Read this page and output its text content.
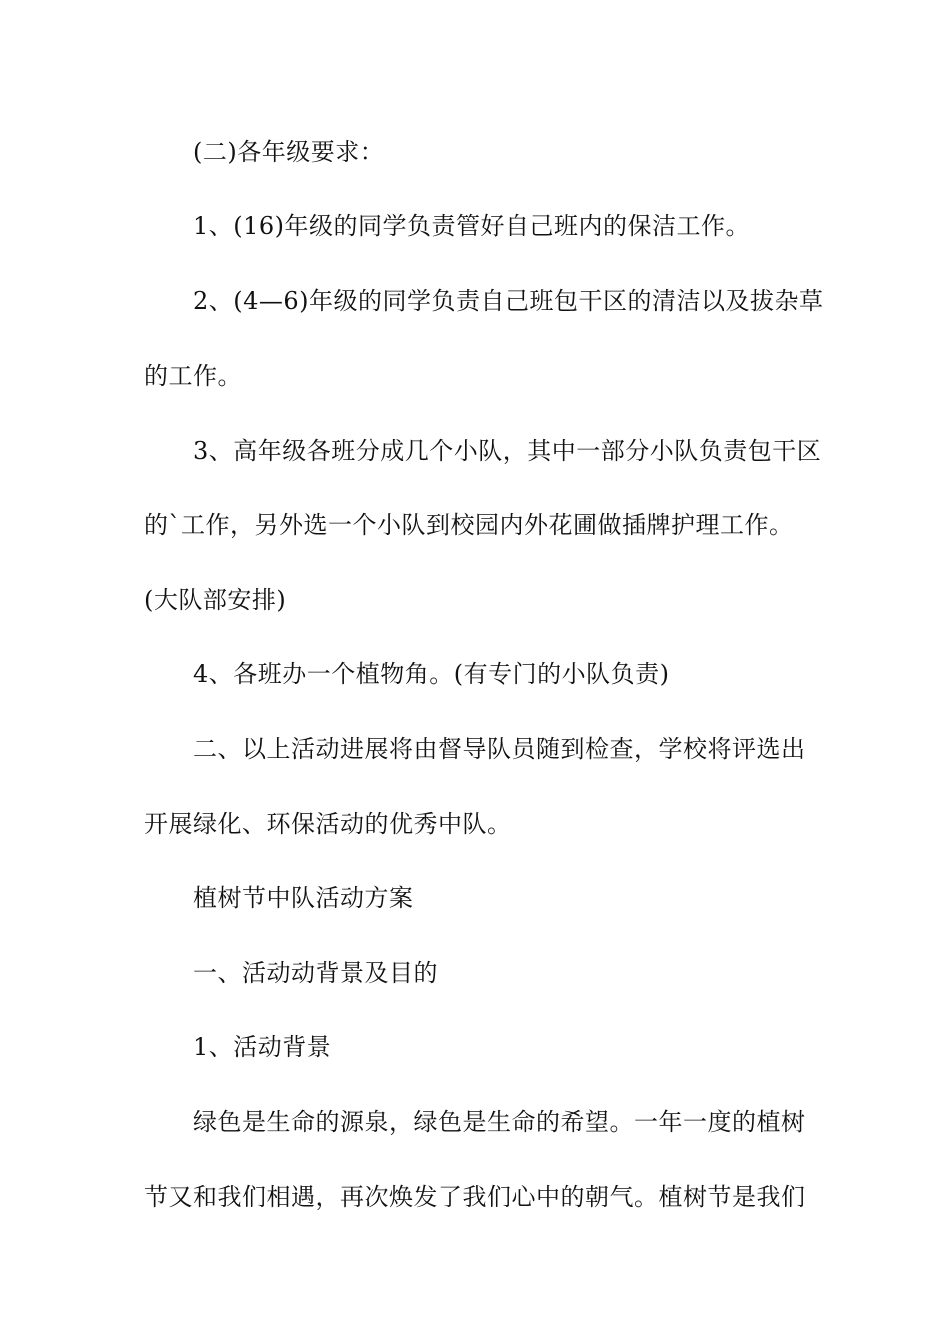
(二)各年级要求：
1、(16)年级的同学负责管好自己班内的保洁工作。
2、(4—6)年级的同学负责自己班包干区的清洁以及拔杂草
的工作。
3、高年级各班分成几个小队，其中一部分小队负责包干区
的`工作，另外选一个小队到校园内外花圃做插牌护理工作。
(大队部安排)
4、各班办一个植物角。(有专门的小队负责)
二、以上活动进展将由督导队员随到检查，学校将评选出
开展绿化、环保活动的优秀中队。
植树节中队活动方案
一、活动动背景及目的
1、活动背景
绿色是生命的源泉，绿色是生命的希望。一年一度的植树
节又和我们相遇，再次焕发了我们心中的朝气。植树节是我们
